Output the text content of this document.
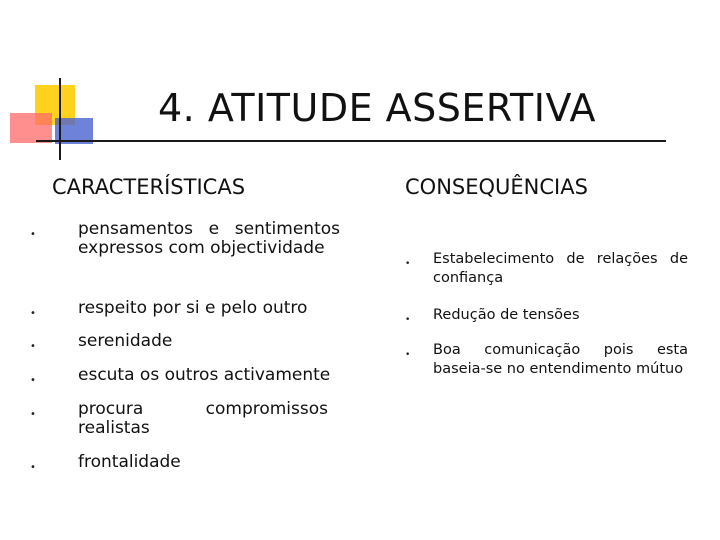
4. ATITUDE ASSERTIVA
CARACTERÍSTICAS	CONSEQUÊNCIAS
• pensamentos e sentimentos expressos com objectividade
• respeito por si e pelo outro
• serenidade
• escuta os outros activamente
• procura compromissos realistas
• frontalidade
• Estabelecimento de relações de confiança
• Redução de tensões
• Boa comunicação pois esta baseia-se no entendimento mútuo
